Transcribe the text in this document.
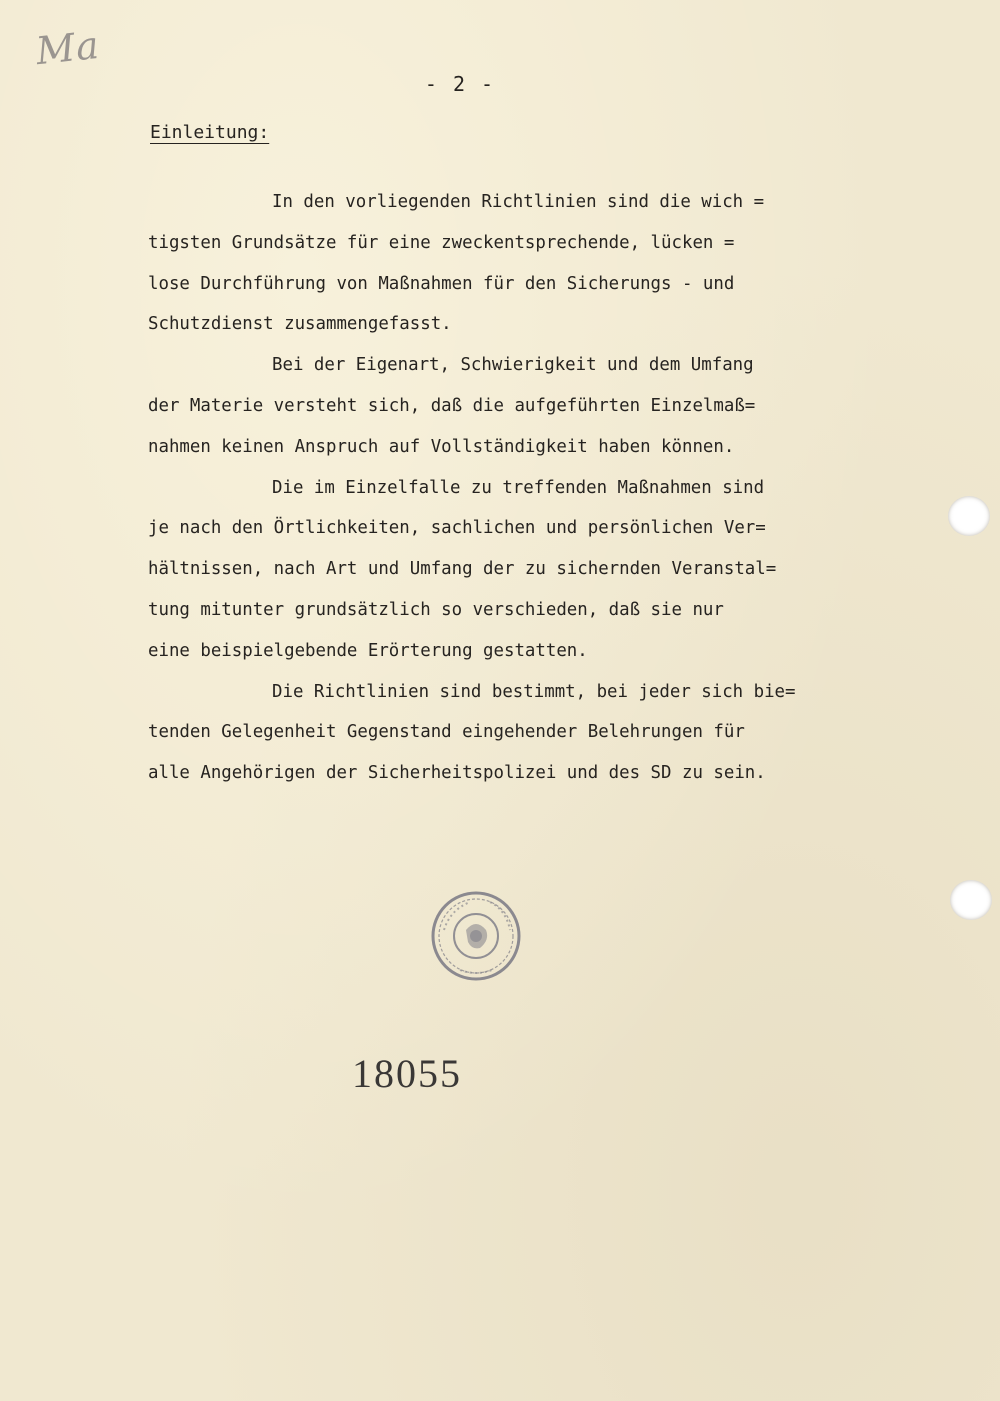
Ma
- 2 -
Einleitung:
In den vorliegenden Richtlinien sind die wich =
tigsten Grundsätze für eine zweckentsprechende, lücken =
lose Durchführung von Maßnahmen für den Sicherungs - und
Schutzdienst zusammengefasst.
Bei der Eigenart, Schwierigkeit und dem Umfang
der Materie versteht sich, daß die aufgeführten Einzelmaß=
nahmen keinen Anspruch auf Vollständigkeit haben können.
Die im Einzelfalle zu treffenden Maßnahmen sind
je nach den Örtlichkeiten, sachlichen und persönlichen Ver=
hältnissen, nach Art und Umfang der zu sichernden Veranstal=
tung mitunter grundsätzlich so verschieden, daß sie nur
eine beispielgebende Erörterung gestatten.
Die Richtlinien sind bestimmt, bei jeder sich bie=
tenden Gelegenheit Gegenstand eingehender Belehrungen für
alle Angehörigen der Sicherheitspolizei und des SD zu sein.
18055
